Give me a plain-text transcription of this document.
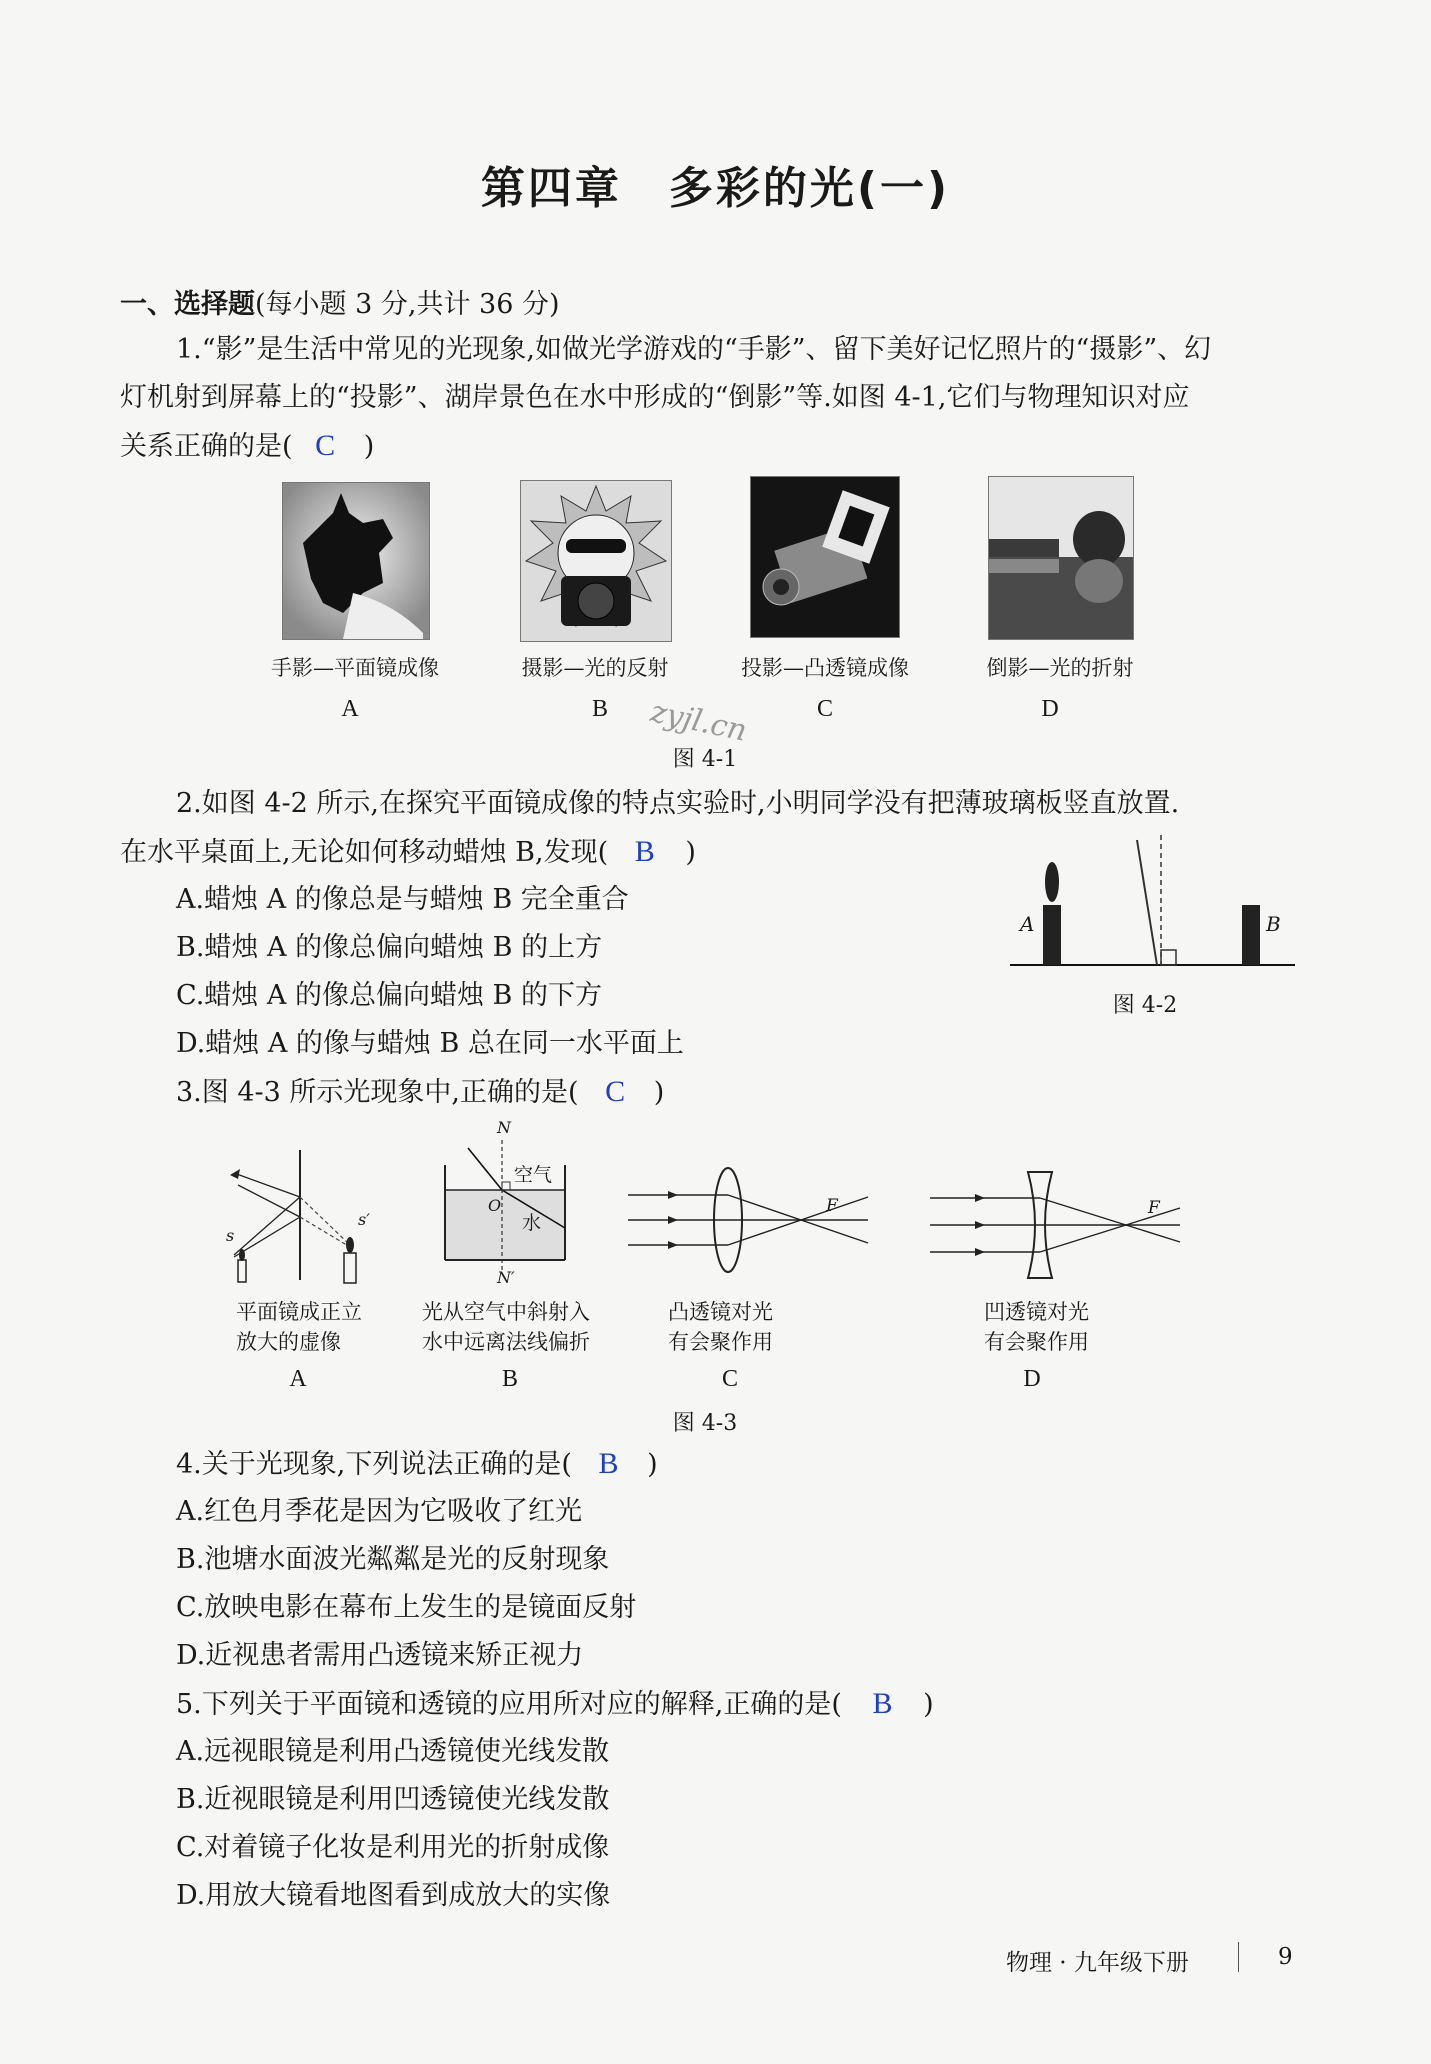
第四章　多彩的光(一)
一、选择题(每小题 3 分,共计 36 分)
1.“影”是生活中常见的光现象,如做光学游戏的“手影”、留下美好记忆照片的“摄影”、幻
灯机射到屏幕上的“投影”、湖岸景色在水中形成的“倒影”等.如图 4-1,它们与物理知识对应
关系正确的是( C )
手影—平面镜成像	摄影—光的反射	投影—凸透镜成像	倒影—光的折射
A	B	C	D
图 4-1
zyjl.cn
2.如图 4-2 所示,在探究平面镜成像的特点实验时,小明同学没有把薄玻璃板竖直放置.
在水平桌面上,无论如何移动蜡烛 B,发现( B )
A.蜡烛 A 的像总是与蜡烛 B 完全重合
B.蜡烛 A 的像总偏向蜡烛 B 的上方
C.蜡烛 A 的像总偏向蜡烛 B 的下方
D.蜡烛 A 的像与蜡烛 B 总在同一水平面上
A	B
图 4-2
3.图 4-3 所示光现象中,正确的是( C )
s
s′
N
N′
O
空气
水
F	F
平面镜成正立
放大的虚像
光从空气中斜射入
水中远离法线偏折
凸透镜对光
有会聚作用
凹透镜对光
有会聚作用
A	B	C	D
图 4-3
4.关于光现象,下列说法正确的是( B )
A.红色月季花是因为它吸收了红光
B.池塘水面波光粼粼是光的反射现象
C.放映电影在幕布上发生的是镜面反射
D.近视患者需用凸透镜来矫正视力
5.下列关于平面镜和透镜的应用所对应的解释,正确的是( B )
A.远视眼镜是利用凸透镜使光线发散
B.近视眼镜是利用凹透镜使光线发散
C.对着镜子化妆是利用光的折射成像
D.用放大镜看地图看到成放大的实像
物理 · 九年级下册	9
